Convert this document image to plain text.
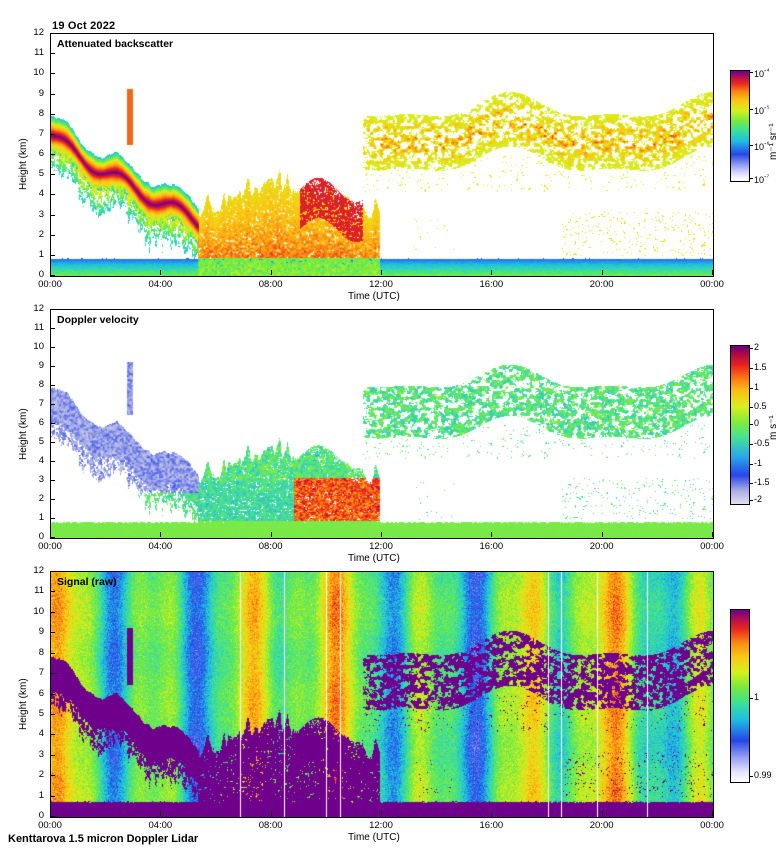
19 Oct 2022
Kenttarova 1.5 micron Doppler Lidar
Attenuated backscatter
Height (km)
Time (UTC)
m⁻¹ sr⁻¹
Doppler velocity
Height (km)
Time (UTC)
m s⁻¹
Signal (raw)
Height (km)
Time (UTC)
0
1
2
3
4
5
6
7
8
9
10
11
12
00:00	04:00	08:00	12:00	16:00	20:00	00:00
0
1
2
3
4
5
6
7
8
9
10
11
12
00:00	04:00	08:00	12:00	16:00	20:00	00:00
0
1
2
3
4
5
6
7
8
9
10
11
12
00:00	04:00	08:00	12:00	16:00	20:00	00:00
$10^{-^4}$
$10^{-^5}$
$10^{-^6}$
$10^{-^7}$
2
1.5
1
0.5
0
-0.5
-1
-1.5
-2
1
0.99
